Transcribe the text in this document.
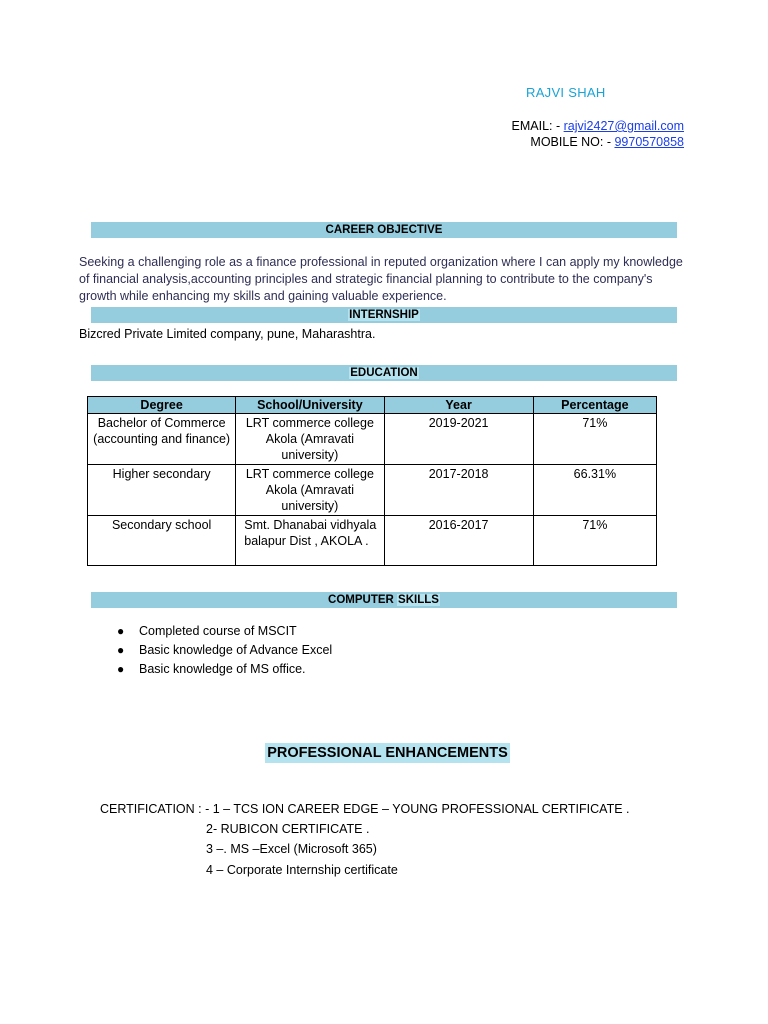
RAJVI SHAH
EMAIL: - rajvi2427@gmail.com
MOBILE NO: - 9970570858
CAREER OBJECTIVE
Seeking a challenging role as a finance professional in reputed organization where I can apply my knowledge of financial analysis,accounting principles and strategic financial planning to contribute to the company's growth while enhancing my skills and gaining valuable experience.
INTERNSHIP
Bizcred Private Limited company, pune, Maharashtra.
EDUCATION
Degree	School/University	Year	Percentage
Bachelor of Commerce (accounting and finance)	LRT commerce college Akola (Amravati university)	2019-2021	71%
Higher secondary	LRT commerce college Akola (Amravati university)	2017-2018	66.31%
Secondary school	Smt. Dhanabai vidhyala balapur Dist , AKOLA .	2016-2017	71%
COMPUTER SKILLS
● Completed course of MSCIT
● Basic knowledge of Advance Excel
● Basic knowledge of MS office.
PROFESSIONAL ENHANCEMENTS
CERTIFICATION : - 1 – TCS ION CAREER EDGE – YOUNG PROFESSIONAL CERTIFICATE .
2- RUBICON CERTIFICATE .
3 –. MS –Excel (Microsoft 365)
4 – Corporate Internship certificate
